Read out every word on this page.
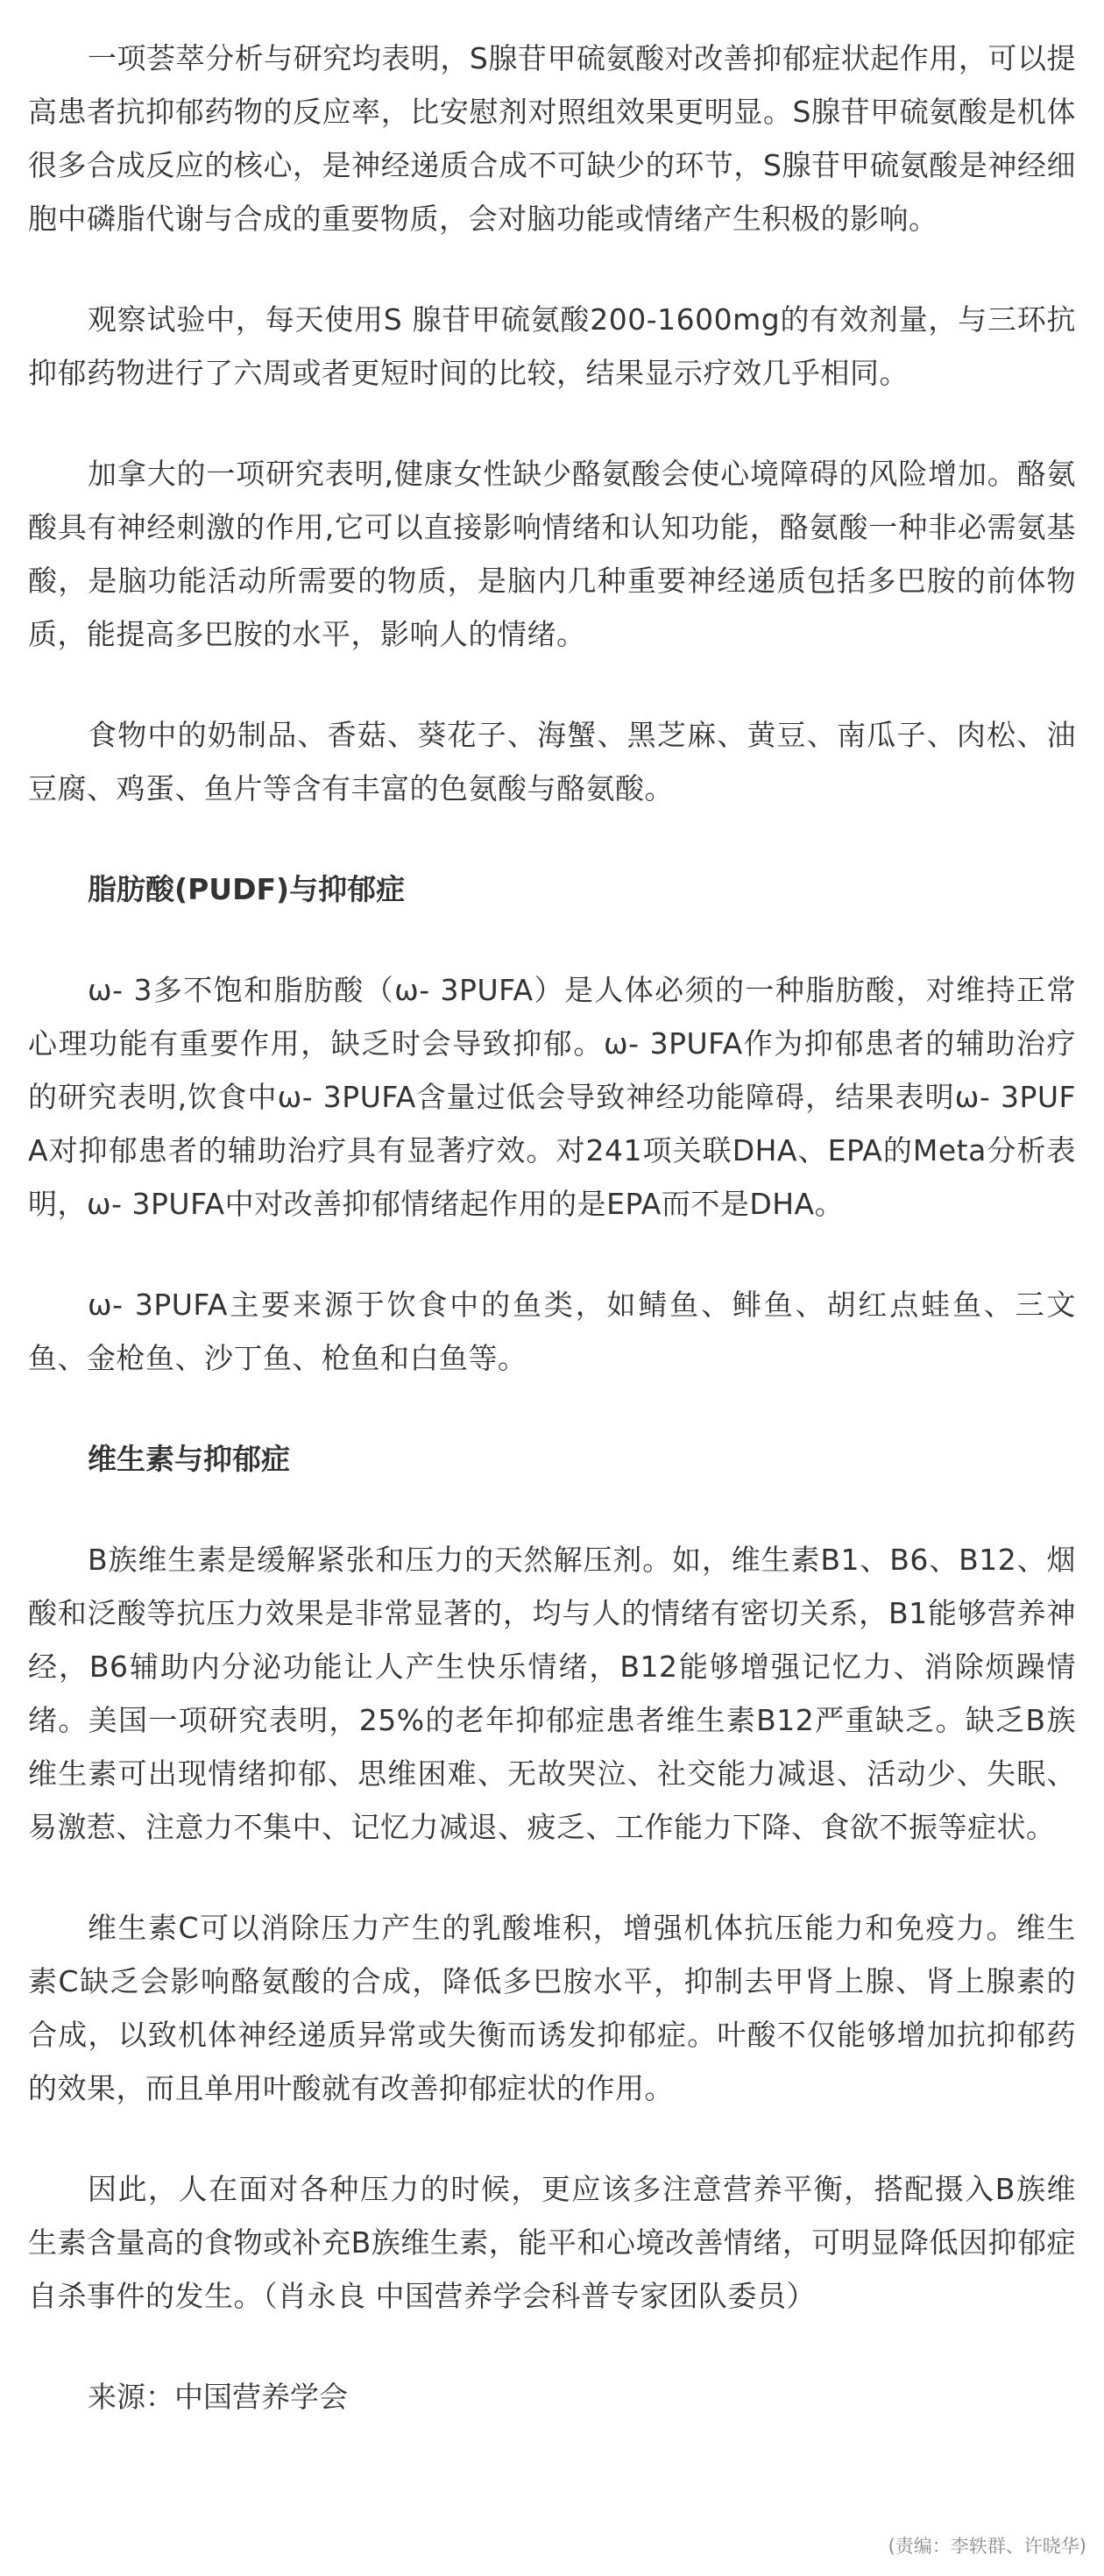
一项荟萃分析与研究均表明，S腺苷甲硫氨酸对改善抑郁症状起作用，可以提高患者抗抑郁药物的反应率，比安慰剂对照组效果更明显。S腺苷甲硫氨酸是机体很多合成反应的核心，是神经递质合成不可缺少的环节，S腺苷甲硫氨酸是神经细胞中磷脂代谢与合成的重要物质，会对脑功能或情绪产生积极的影响。

观察试验中，每天使用S 腺苷甲硫氨酸200-1600mg的有效剂量，与三环抗抑郁药物进行了六周或者更短时间的比较，结果显示疗效几乎相同。

加拿大的一项研究表明,健康女性缺少酪氨酸会使心境障碍的风险增加。酪氨酸具有神经刺激的作用,它可以直接影响情绪和认知功能，酪氨酸一种非必需氨基酸，是脑功能活动所需要的物质，是脑内几种重要神经递质包括多巴胺的前体物质，能提高多巴胺的水平，影响人的情绪。

食物中的奶制品、香菇、葵花子、海蟹、黑芝麻、黄豆、南瓜子、肉松、油豆腐、鸡蛋、鱼片等含有丰富的色氨酸与酪氨酸。

脂肪酸(PUDF)与抑郁症

ω- 3多不饱和脂肪酸（ω- 3PUFA）是人体必须的一种脂肪酸，对维持正常心理功能有重要作用，缺乏时会导致抑郁。ω- 3PUFA作为抑郁患者的辅助治疗的研究表明,饮食中ω- 3PUFA含量过低会导致神经功能障碍，结果表明ω- 3PUFA对抑郁患者的辅助治疗具有显著疗效。对241项关联DHA、EPA的Meta分析表明，ω- 3PUFA中对改善抑郁情绪起作用的是EPA而不是DHA。

ω- 3PUFA主要来源于饮食中的鱼类，如鲭鱼、鲱鱼、胡红点蛙鱼、三文鱼、金枪鱼、沙丁鱼、枪鱼和白鱼等。

维生素与抑郁症

B族维生素是缓解紧张和压力的天然解压剂。如，维生素B1、B6、B12、烟酸和泛酸等抗压力效果是非常显著的，均与人的情绪有密切关系，B1能够营养神经，B6辅助内分泌功能让人产生快乐情绪，B12能够增强记忆力、消除烦躁情绪。美国一项研究表明，25%的老年抑郁症患者维生素B12严重缺乏。缺乏B族维生素可出现情绪抑郁、思维困难、无故哭泣、社交能力减退、活动少、失眠、易激惹、注意力不集中、记忆力减退、疲乏、工作能力下降、食欲不振等症状。

维生素C可以消除压力产生的乳酸堆积，增强机体抗压能力和免疫力。维生素C缺乏会影响酪氨酸的合成，降低多巴胺水平，抑制去甲肾上腺、肾上腺素的合成，以致机体神经递质异常或失衡而诱发抑郁症。叶酸不仅能够增加抗抑郁药的效果，而且单用叶酸就有改善抑郁症状的作用。

因此，人在面对各种压力的时候，更应该多注意营养平衡，搭配摄入B族维生素含量高的食物或补充B族维生素，能平和心境改善情绪，可明显降低因抑郁症自杀事件的发生。（肖永良 中国营养学会科普专家团队委员）

来源：中国营养学会

(责编：李轶群、许晓华)
